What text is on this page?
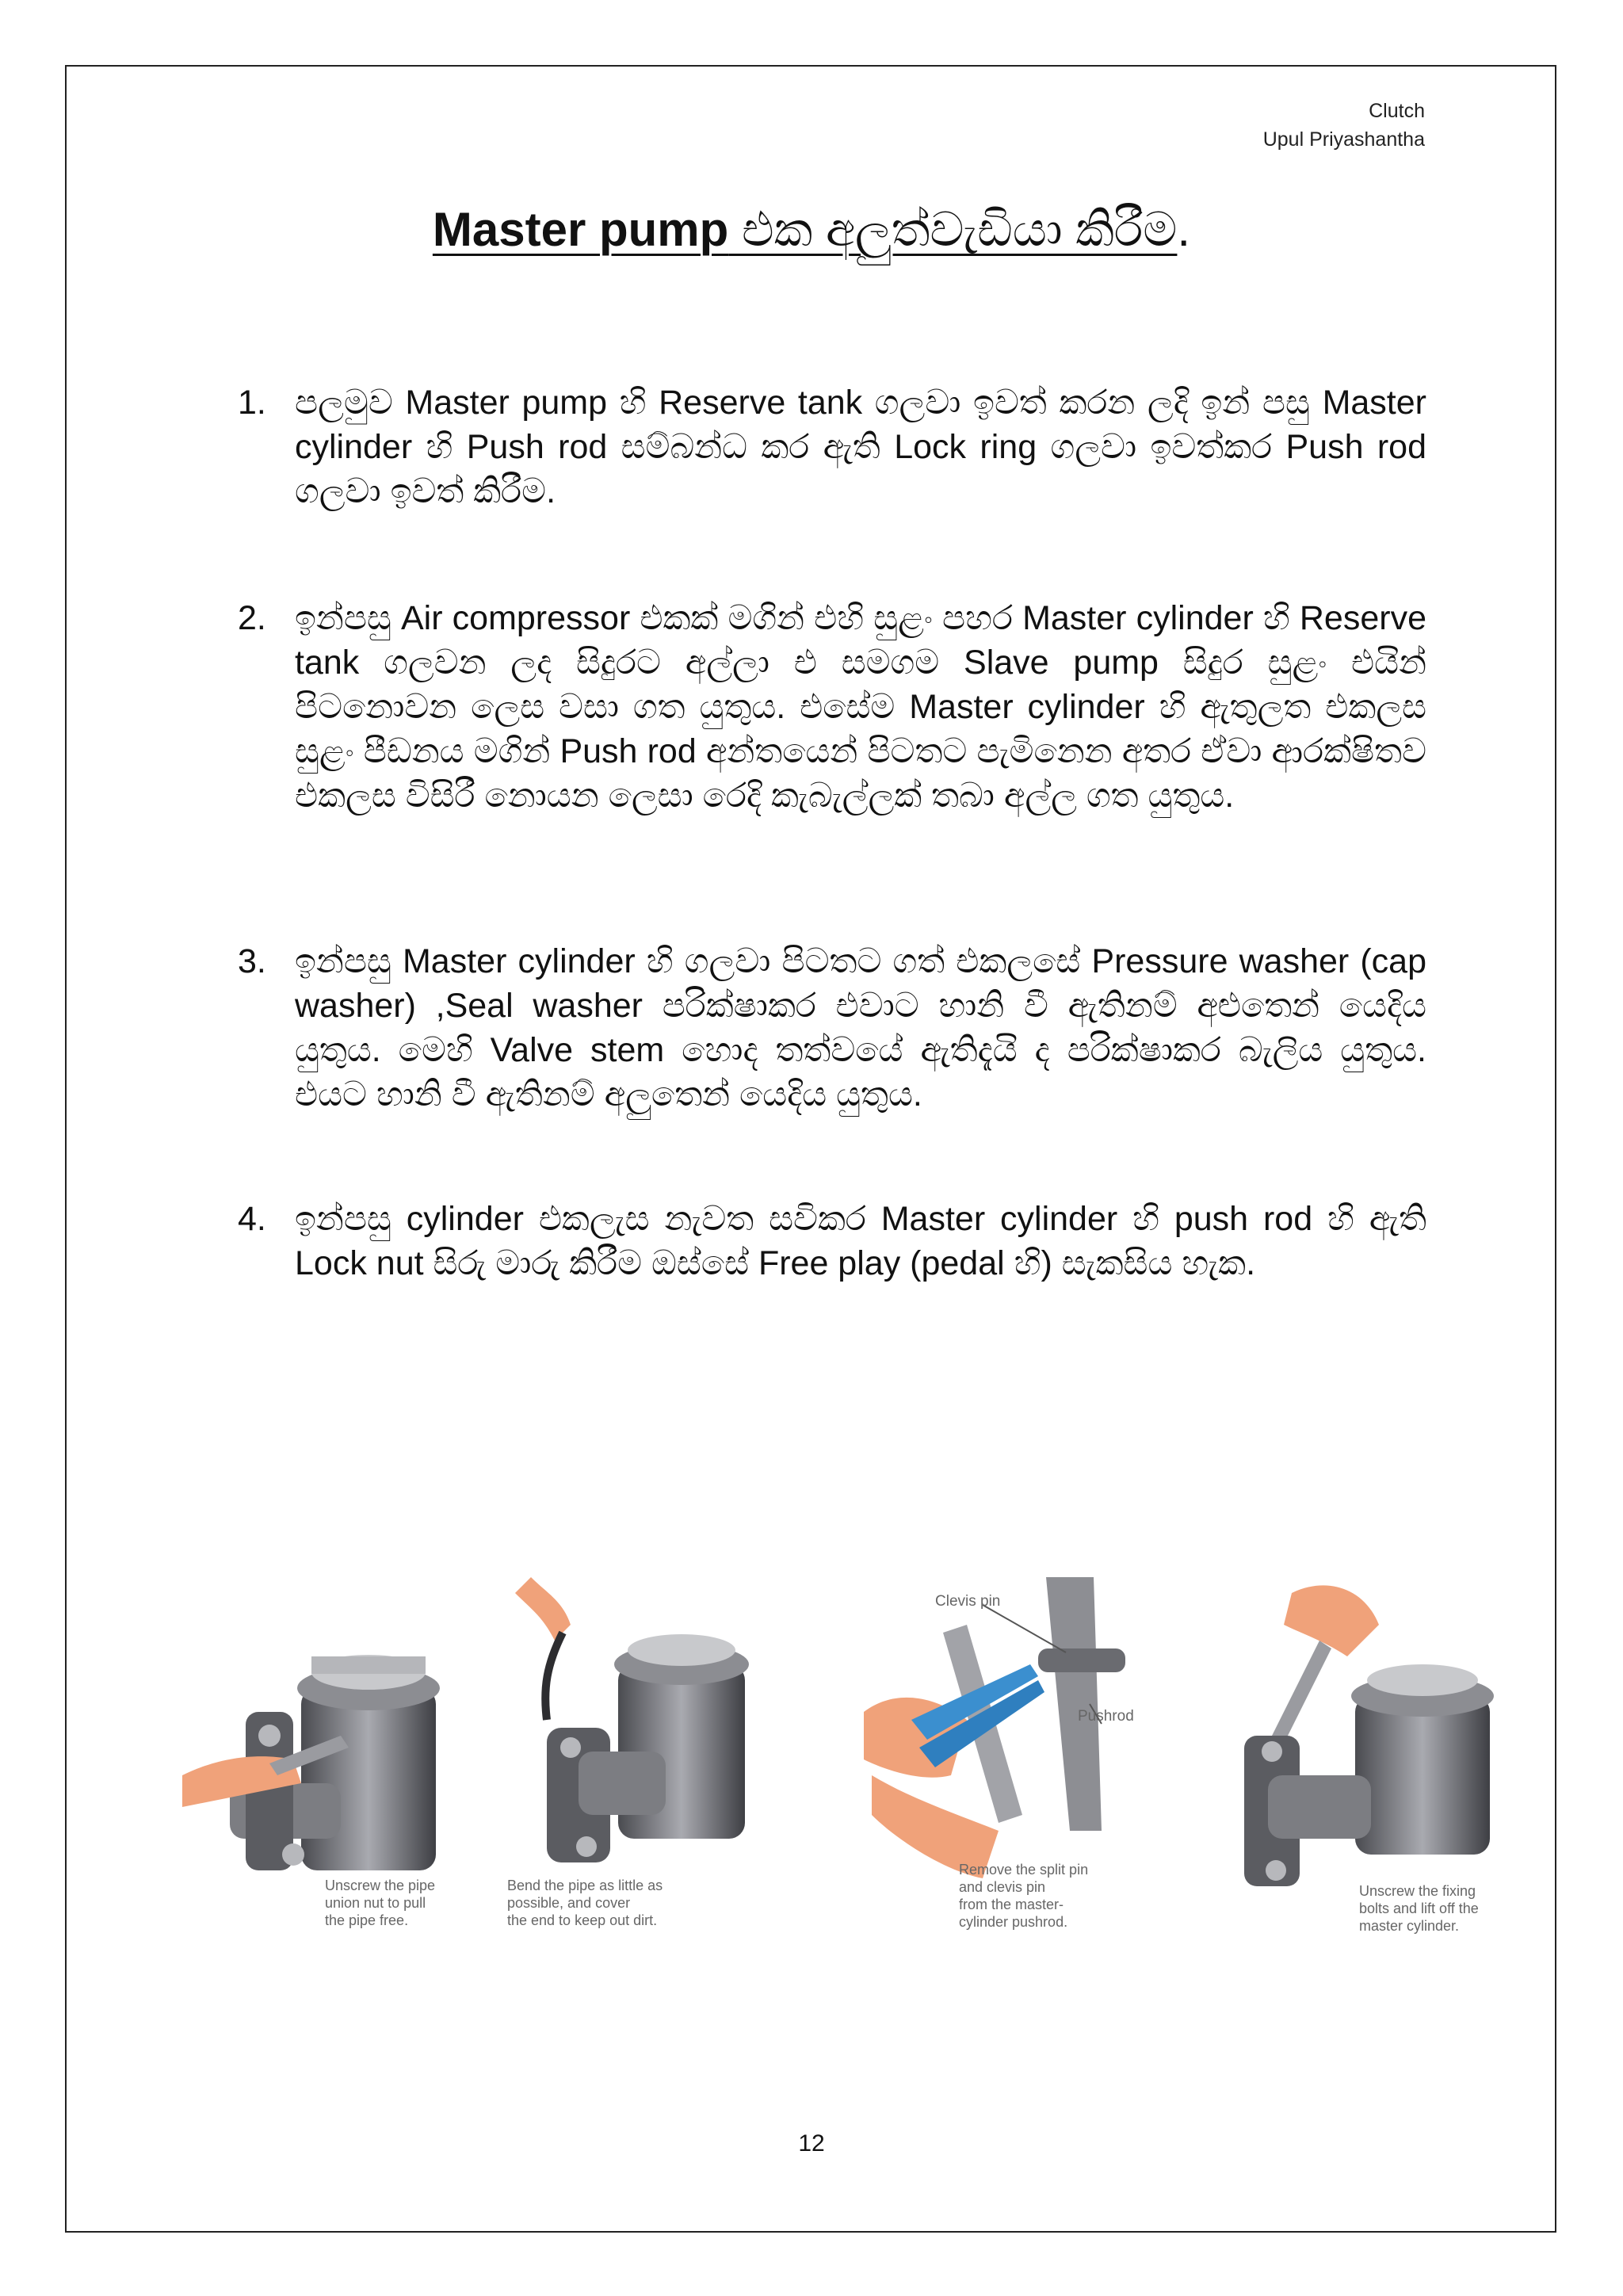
Clutch
Upul Priyashantha
Master pump එක අලුත්වැඩියා කිරීම.
1. පලමුව Master pump හි Reserve tank ගලවා ඉවත් කරන ලදි ඉන් පසු Master cylinder හි Push rod සම්බන්ධ කර ඇති Lock ring ගලවා ඉවත්කර Push rod ගලවා ඉවත් කිරීම.
2. ඉන්පසු Air compressor එකක් මගින් එහි සුළං පහර Master cylinder හි Reserve tank ගලවන ලද සිදුරට අල්ලා එ සමගම Slave pump සිදුර සුළං එයින් පිටනොවන ලෙස වසා ගත යුතුය. එසේම Master cylinder හි ඇතුලත එකලස සුළං පීඩනය මගින් Push rod අන්තයෙන් පිටතට පැමිනෙන අතර ඒවා ආරක්ෂිතව එකලස විසිරී නොයන ලෙසා රෙදි කැබැල්ලක් තබා අල්ල ගත යුතුය.
3. ඉන්පසු Master cylinder හි ගලවා පිටතට ගත් එකලසේ Pressure washer (cap washer) ,Seal washer පරික්ෂාකර එවාට හානි වී ඇතිනම් අළුතෙන් යෙදිය යුතුය. මෙහි Valve stem හොද තත්වයේ ඇතිදැයි ද පරික්ෂාකර බැලිය යුතුය. එයට හානි වී ඇතිනම් අලුතෙන් යෙදිය යුතුය.
4. ඉන්පසු cylinder එකලැස නැවත සවිකර Master cylinder හි push rod හි ඇති Lock nut සිරු මාරු කිරීම ඔස්සේ Free play (pedal හි) සැකසිය හැක.
Unscrew the pipe
union nut to pull
the pipe free.
Bend the pipe as little as
possible, and cover
the end to keep out dirt.
Clevis pin
Pushrod
Remove the split pin
and clevis pin
from the master-
cylinder pushrod.
Unscrew the fixing
bolts and lift off the
master cylinder.
12
